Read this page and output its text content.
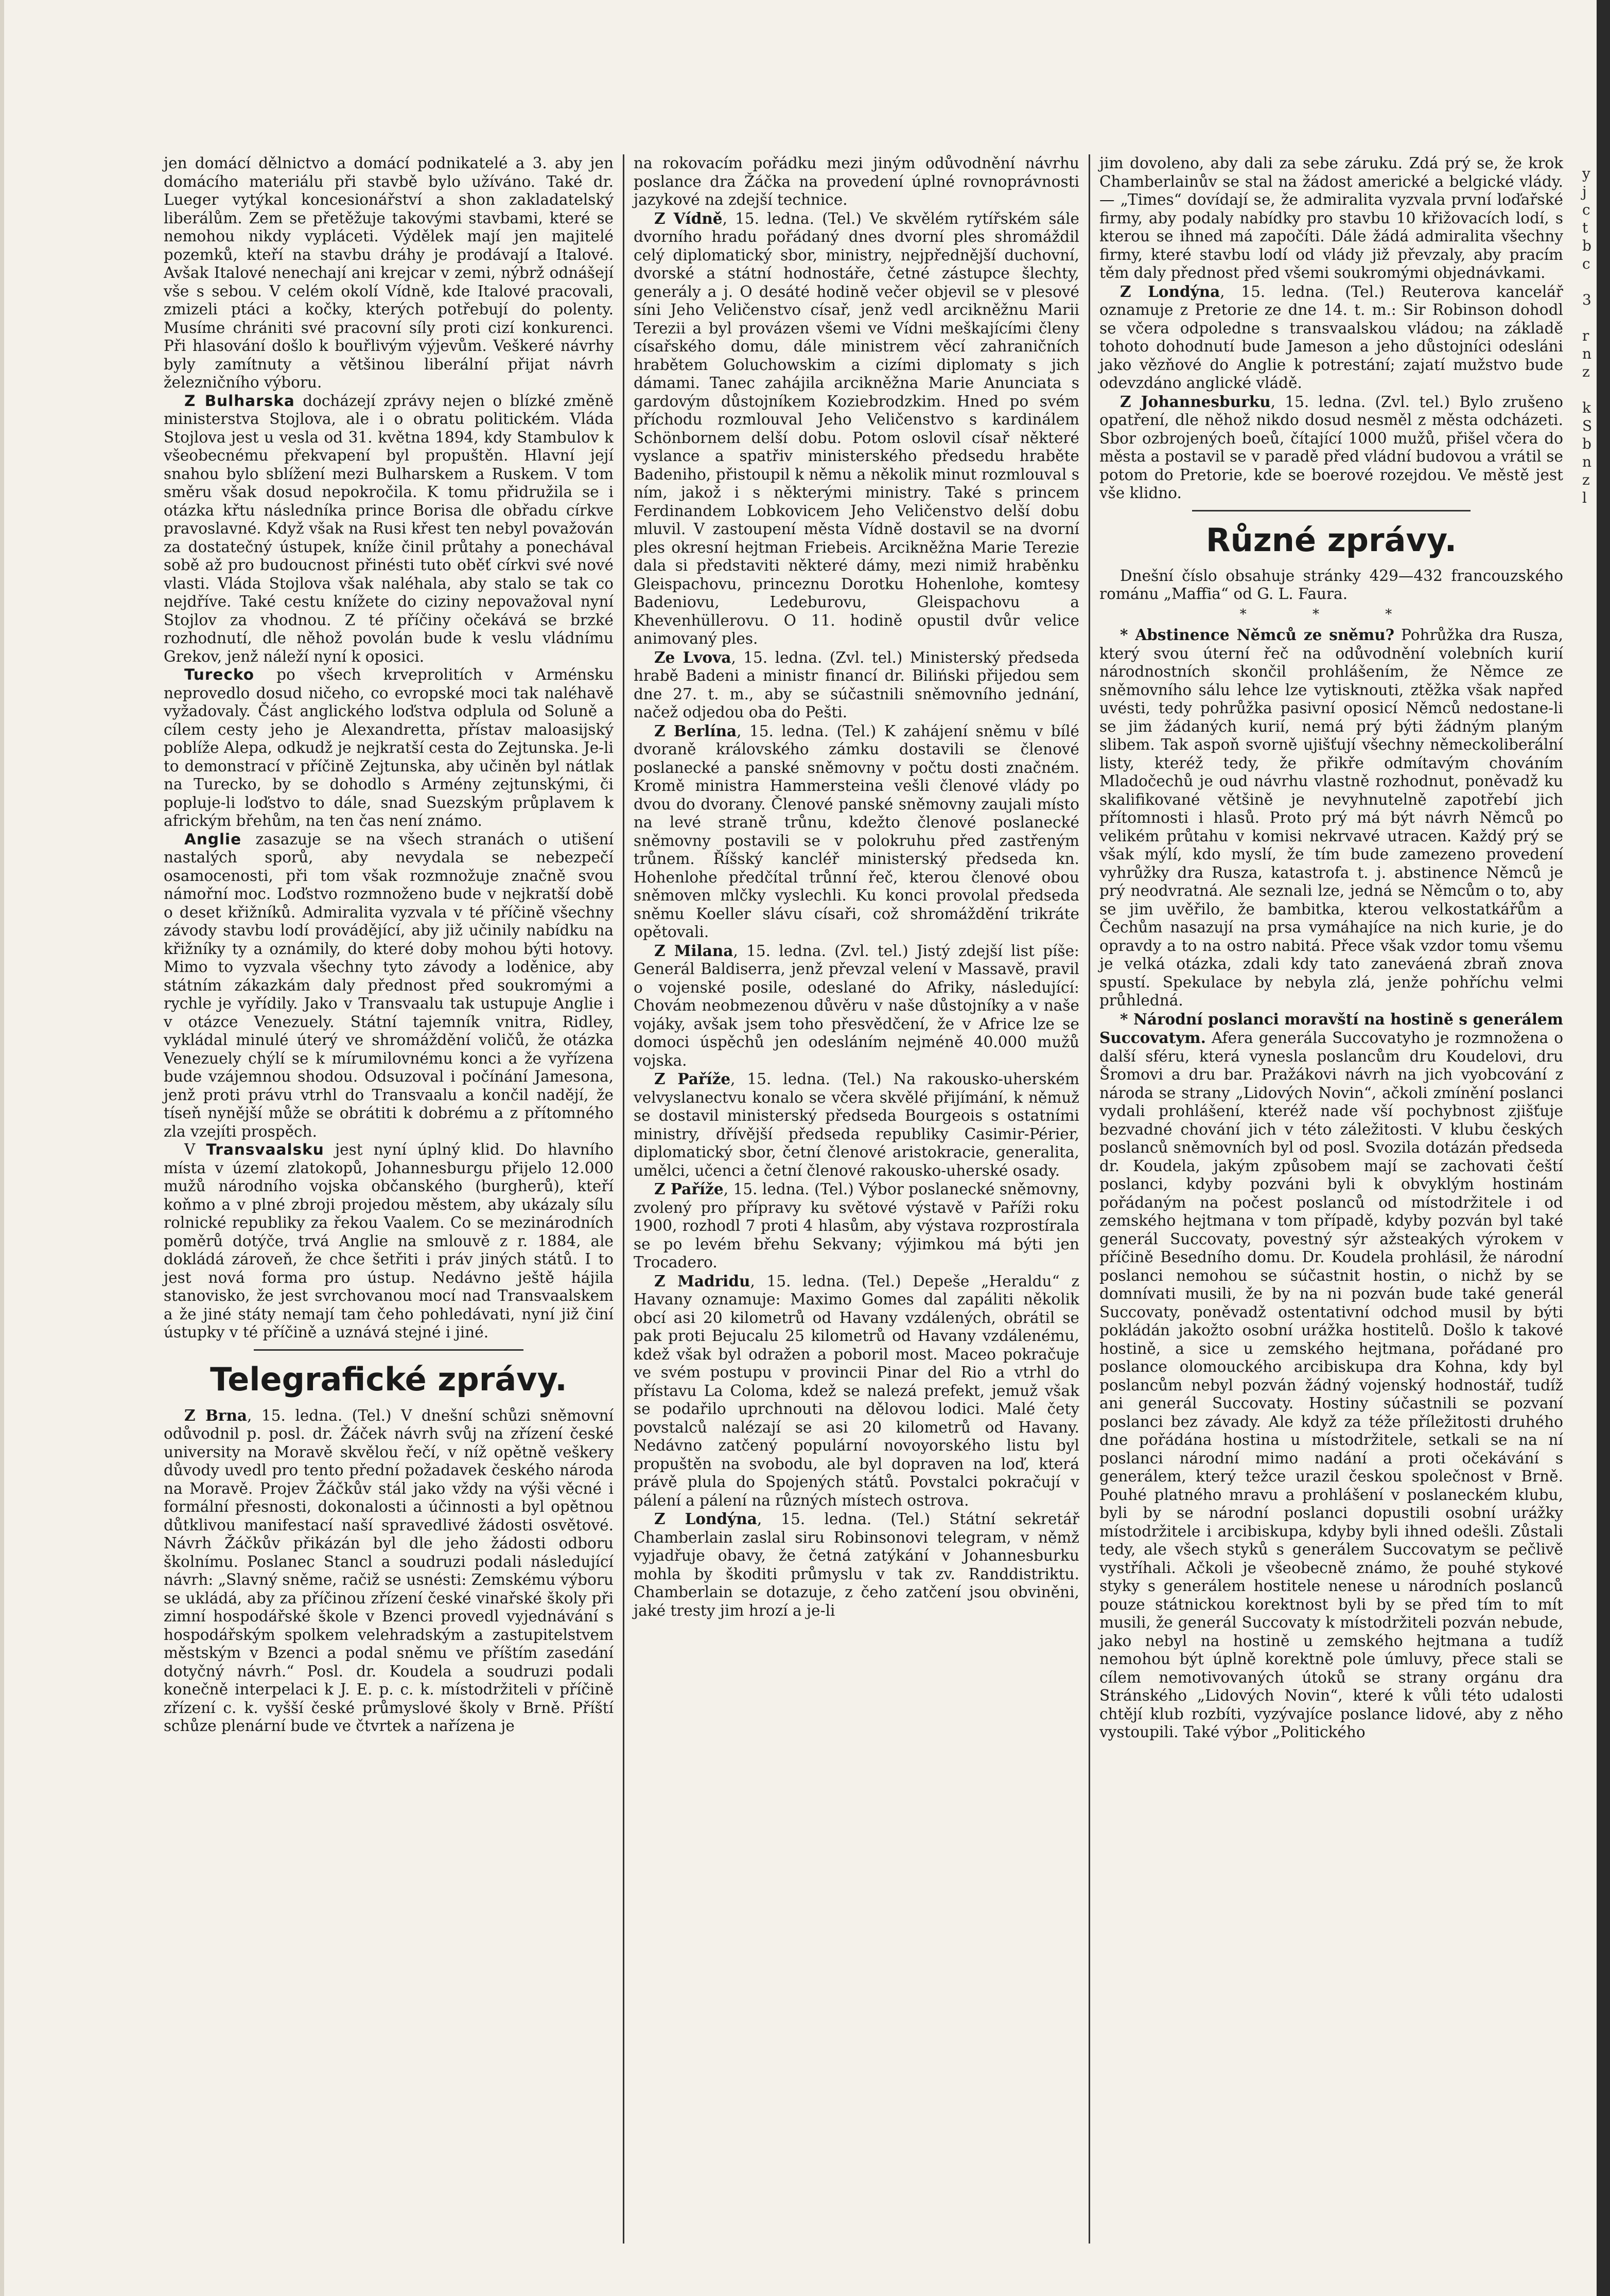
jen domácí dělnictvo a domácí podnikatelé a 3. aby jen domácího materiálu při stavbě bylo užíváno. Také dr. Lueger vytýkal koncesionářství a shon zakladatelský liberálům. Zem se přetěžuje takovými stavbami, které se nemohou nikdy vypláceti. Výdělek mají jen majitelé pozemků, kteří na stavbu dráhy je prodávají a Italové. Avšak Italové nenechají ani krejcar v zemi, nýbrž odnášejí vše s sebou. V celém okolí Vídně, kde Italové pracovali, zmizeli ptáci a kočky, kterých potřebují do polenty. Musíme chrániti své pracovní síly proti cizí konkurenci. Při hlasování došlo k bouřlivým výjevům. Veškeré návrhy byly zamítnuty a většinou liberální přijat návrh železničního výboru.

Z Bulharska docházejí zprávy nejen o blízké změně ministerstva Stojlova, ale i o obratu politickém. Vláda Stojlova jest u vesla od 31. května 1894, kdy Stambulov k všeobecnému překvapení byl propuštěn. Hlavní její snahou bylo sblížení mezi Bulharskem a Ruskem. V tom směru však dosud nepokročila. K tomu přidružila se i otázka křtu následníka prince Borisa dle obřadu církve pravoslavné. Když však na Rusi křest ten nebyl považován za dostatečný ústupek, kníže činil průtahy a ponechával sobě až pro budoucnost přinésti tuto oběť církvi své nové vlasti. Vláda Stojlova však naléhala, aby stalo se tak co nejdříve. Také cestu knížete do ciziny nepovažoval nyní Stojlov za vhodnou. Z té příčiny očekává se brzké rozhodnutí, dle něhož povolán bude k veslu vládnímu Grekov, jenž náleží nyní k oposici.

Turecko po všech krveprolitích v Arménsku neprovedlo dosud ničeho, co evropské moci tak naléhavě vyžadovaly. Část anglického loďstva odplula od Soluně a cílem cesty jeho je Alexandretta, přístav maloasijský poblíže Alepa, odkudž je nejkratší cesta do Zejtunska. Je-li to demonstrací v příčině Zejtunska, aby učiněn byl nátlak na Turecko, by se dohodlo s Armény zejtunskými, či popluje-li loďstvo to dále, snad Suezským průplavem k africkým břehům, na ten čas není známo.

Anglie zasazuje se na všech stranách o utišení nastalých sporů, aby nevydala se nebezpečí osamocenosti, při tom však rozmnožuje značně svou námořní moc. Loďstvo rozmnoženo bude v nejkratší době o deset křižníků. Admiralita vyzvala v té příčině všechny závody stavbu lodí provádějící, aby již učinily nabídku na křižníky ty a oznámily, do které doby mohou býti hotovy. Mimo to vyzvala všechny tyto závody a loděnice, aby státním zákazkám daly přednost před soukromými a rychle je vyřídily. Jako v Transvaalu tak ustupuje Anglie i v otázce Venezuely. Státní tajemník vnitra, Ridley, vykládal minulé úterý ve shromáždění voličů, že otázka Venezuely chýlí se k mírumilovnému konci a že vyřízena bude vzájemnou shodou. Odsuzoval i počínání Jamesona, jenž proti právu vtrhl do Transvaalu a končil nadějí, že tíseň nynější může se obrátiti k dobrému a z přítomného zla vzejíti prospěch.

V Transvaalsku jest nyní úplný klid. Do hlavního místa v území zlatokopů, Johannesburgu přijelo 12.000 mužů národního vojska občanského (burgherů), kteří koňmo a v plné zbroji projedou městem, aby ukázaly sílu rolnické republiky za řekou Vaalem. Co se mezinárodních poměrů dotýče, trvá Anglie na smlouvě z r. 1884, ale dokládá zároveň, že chce šetřiti i práv jiných států. I to jest nová forma pro ústup. Nedávno ještě hájila stanovisko, že jest svrchovanou mocí nad Transvaalskem a že jiné státy nemají tam čeho pohledávati, nyní již činí ústupky v té příčině a uznává stejné i jiné.

Telegrafické zprávy.

Z Brna, 15. ledna. (Tel.) V dnešní schůzi sněmovní odůvodnil p. posl. dr. Žáček návrh svůj na zřízení české university na Moravě skvělou řečí, v níž opětně veškery důvody uvedl pro tento přední požadavek českého národa na Moravě. Projev Žáčkův stál jako vždy na výši věcné i formální přesnosti, dokonalosti a účinnosti a byl opětnou důtklivou manifestací naší spravedlivé žádosti osvětové. Návrh Žáčkův přikázán byl dle jeho žádosti odboru školnímu. Poslanec Stancl a soudruzi podali následující návrh: „Slavný sněme, račiž se usnésti: Zemskému výboru se ukládá, aby za příčinou zřízení české vinařské školy při zimní hospodářské škole v Bzenci provedl vyjednávání s hospodářským spolkem velehradským a zastupitelstvem městským v Bzenci a podal sněmu ve příštím zasedání dotyčný návrh.“ Posl. dr. Koudela a soudruzi podali konečně interpelaci k J. E. p. c. k. místodržiteli v příčině zřízení c. k. vyšší české průmyslové školy v Brně. Příští schůze plenární bude ve čtvrtek a nařízena je

na rokovacím pořádku mezi jiným odůvodnění návrhu poslance dra Žáčka na provedení úplné rovnoprávnosti jazykové na zdejší technice.

Z Vídně, 15. ledna. (Tel.) Ve skvělém rytířském sále dvorního hradu pořádaný dnes dvorní ples shromáždil celý diplomatický sbor, ministry, nejpřednější duchovní, dvorské a státní hodnostáře, četné zástupce šlechty, generály a j. O desáté hodině večer objevil se v plesové síni Jeho Veličenstvo císař, jenž vedl arcikněžnu Marii Terezii a byl provázen všemi ve Vídni meškajícími členy císařského domu, dále ministrem věcí zahraničních hrabětem Goluchowskim a cizími diplomaty s jich dámami. Tanec zahájila arcikněžna Marie Anunciata s gardovým důstojníkem Koziebrodzkim. Hned po svém příchodu rozmlouval Jeho Veličenstvo s kardinálem Schönbornem delší dobu. Potom oslovil císař některé vyslance a spatřiv ministerského předsedu hraběte Badeniho, přistoupil k němu a několik minut rozmlouval s ním, jakož i s některými ministry. Také s princem Ferdinandem Lobkovicem Jeho Veličenstvo delší dobu mluvil. V zastoupení města Vídně dostavil se na dvorní ples okresní hejtman Friebeis. Arcikněžna Marie Terezie dala si představiti některé dámy, mezi nimiž hraběnku Gleispachovu, princeznu Dorotku Hohenlohe, komtesy Badeniovu, Ledeburovu, Gleispachovu a Khevenhüllerovu. O 11. hodině opustil dvůr velice animovaný ples.

Ze Lvova, 15. ledna. (Zvl. tel.) Ministerský předseda hrabě Badeni a ministr financí dr. Biliński přijedou sem dne 27. t. m., aby se súčastnili sněmovního jednání, načež odjedou oba do Pešti.

Z Berlína, 15. ledna. (Tel.) K zahájení sněmu v bílé dvoraně královského zámku dostavili se členové poslanecké a panské sněmovny v počtu dosti značném. Kromě ministra Hammersteina vešli členové vlády po dvou do dvorany. Členové panské sněmovny zaujali místo na levé straně trůnu, kdežto členové poslanecké sněmovny postavili se v polokruhu před zastřeným trůnem. Říšský kancléř ministerský předseda kn. Hohenlohe předčítal trůnní řeč, kterou členové obou sněmoven mlčky vyslechli. Ku konci provolal předseda sněmu Koeller slávu císaři, což shromáždění trikráte opětovali.

Z Milana, 15. ledna. (Zvl. tel.) Jistý zdejší list píše: Generál Baldiserra, jenž převzal velení v Massavě, pravil o vojenské posile, odeslané do Afriky, následující: Chovám neobmezenou důvěru v naše důstojníky a v naše vojáky, avšak jsem toho přesvědčení, že v Africe lze se domoci úspěchů jen odesláním nejméně 40.000 mužů vojska.

Z Paříže, 15. ledna. (Tel.) Na rakousko-uherském velvyslanectvu konalo se včera skvělé přijímání, k němuž se dostavil ministerský předseda Bourgeois s ostatními ministry, dřívější předseda republiky Casimir-Périer, diplomatický sbor, četní členové aristokracie, generalita, umělci, učenci a četní členové rakousko-uherské osady.

Z Paříže, 15. ledna. (Tel.) Výbor poslanecké sněmovny, zvolený pro přípravy ku světové výstavě v Paříži roku 1900, rozhodl 7 proti 4 hlasům, aby výstava rozprostírala se po levém břehu Sekvany; výjimkou má býti jen Trocadero.

Z Madridu, 15. ledna. (Tel.) Depeše „Heraldu“ z Havany oznamuje: Maximo Gomes dal zapáliti několik obcí asi 20 kilometrů od Havany vzdálených, obrátil se pak proti Bejucalu 25 kilometrů od Havany vzdálenému, kdež však byl odražen a poboril most. Maceo pokračuje ve svém postupu v provincii Pinar del Rio a vtrhl do přístavu La Coloma, kdež se nalezá prefekt, jemuž však se podařilo uprchnouti na dělovou lodici. Malé čety povstalců nalézají se asi 20 kilometrů od Havany. Nedávno zatčený populární novoyorského listu byl propuštěn na svobodu, ale byl dopraven na loď, která právě plula do Spojených států. Povstalci pokračují v pálení a pálení na různých místech ostrova.

Z Londýna, 15. ledna. (Tel.) Státní sekretář Chamberlain zaslal siru Robinsonovi telegram, v němž vyjadřuje obavy, že četná zatýkání v Johannesburku mohla by škoditi průmyslu v tak zv. Randdistriktu. Chamberlain se dotazuje, z čeho zatčení jsou obviněni, jaké tresty jim hrozí a je-li

jim dovoleno, aby dali za sebe záruku. Zdá prý se, že krok Chamberlainův se stal na žádost americké a belgické vlády. — „Times“ dovídají se, že admiralita vyzvala první loďařské firmy, aby podaly nabídky pro stavbu 10 křižovacích lodí, s kterou se ihned má započíti. Dále žádá admiralita všechny firmy, které stavbu lodí od vlády již převzaly, aby pracím těm daly přednost před všemi soukromými objednávkami.

Z Londýna, 15. ledna. (Tel.) Reuterova kancelář oznamuje z Pretorie ze dne 14. t. m.: Sir Robinson dohodl se včera odpoledne s transvaalskou vládou; na základě tohoto dohodnutí bude Jameson a jeho důstojníci odesláni jako vězňové do Anglie k potrestání; zajatí mužstvo bude odevzdáno anglické vládě.

Z Johannesburku, 15. ledna. (Zvl. tel.) Bylo zrušeno opatření, dle něhož nikdo dosud nesměl z města odcházeti. Sbor ozbrojených boeů, čítající 1000 mužů, přišel včera do města a postavil se v paradě před vládní budovou a vrátil se potom do Pretorie, kde se boerové rozejdou. Ve městě jest vše klidno.

Různé zprávy.

Dnešní číslo obsahuje stránky 429—432 francouzského románu „Maffia“ od G. L. Faura.

* * *

* Abstinence Němců ze sněmu? Pohrůžka dra Rusza, který svou úterní řeč na odůvodnění volebních kurií národnostních skončil prohlášením, že Němce ze sněmovního sálu lehce lze vytisknouti, ztěžka však napřed uvésti, tedy pohrůžka pasivní oposicí Němců nedostane-li se jim žádaných kurií, nemá prý býti žádným planým slibem. Tak aspoň svorně ujišťují všechny německoliberální listy, kteréž tedy, že přikře odmítavým chováním Mladočechů je oud návrhu vlastně rozhodnut, poněvadž ku skalifikované většině je nevyhnutelně zapotřebí jich přítomnosti i hlasů. Proto prý má být návrh Němců po velikém průtahu v komisi nekrvavé utracen. Každý prý se však mýlí, kdo myslí, že tím bude zamezeno provedení vyhrůžky dra Rusza, katastrofa t. j. abstinence Němců je prý neodvratná. Ale seznali lze, jedná se Němcům o to, aby se jim uvěřilo, že bambitka, kterou velkostatkářům a Čechům nasazují na prsa vymáhajíce na nich kurie, je do opravdy a to na ostro nabitá. Přece však vzdor tomu všemu je velká otázka, zdali kdy tato zaneváená zbraň znova spustí. Spekulace by nebyla zlá, jenže pohříchu velmi průhledná.

* Národní poslanci moravští na hostině s generálem Succovatym. Afera generála Succovatyho je rozmnožena o další sféru, která vynesla poslancům dru Koudelovi, dru Šromovi a dru bar. Pražákovi návrh na jich vyobcování z národa se strany „Lidových Novin“, ačkoli zmínění poslanci vydali prohlášení, kteréž nade vší pochybnost zjišťuje bezvadné chování jich v této záležitosti. V klubu českých poslanců sněmovních byl od posl. Svozila dotázán předseda dr. Koudela, jakým způsobem mají se zachovati čeští poslanci, kdyby pozváni byli k obvyklým hostinám pořádaným na počest poslanců od místodržitele i od zemského hejtmana v tom případě, kdyby pozván byl také generál Succovaty, povestný sýr ažsteakých výrokem v příčině Besedního domu. Dr. Koudela prohlásil, že národní poslanci nemohou se súčastnit hostin, o nichž by se domnívati musili, že by na ni pozván bude také generál Succovaty, poněvadž ostentativní odchod musil by býti pokládán jakožto osobní urážka hostitelů. Došlo k takové hostině, a sice u zemského hejtmana, pořádané pro poslance olomouckého arcibiskupa dra Kohna, kdy byl poslancům nebyl pozván žádný vojenský hodnostář, tudíž ani generál Succovaty. Hostiny súčastnili se pozvaní poslanci bez závady. Ale když za téže příležitosti druhého dne pořádána hostina u místodržitele, setkali se na ní poslanci národní mimo nadání a proti očekávání s generálem, který težce urazil českou společnost v Brně. Pouhé platného mravu a prohlášení v poslaneckém klubu, byli by se národní poslanci dopustili osobní urážky místodržitele i arcibiskupa, kdyby byli ihned odešli. Zůstali tedy, ale všech styků s generálem Succovatym se pečlivě vystříhali. Ačkoli je všeobecně známo, že pouhé stykové styky s generálem hostitele nenese u národních poslanců pouze státnickou korektnost byli by se před tím to mít musili, že generál Succovaty k místodržiteli pozván nebude, jako nebyl na hostině u zemského hejtmana a tudíž nemohou být úplně korektně pole úmluvy, přece stali se cílem nemotivovaných útoků se strany orgánu dra Stránského „Lidových Novin“, které k vůli této udalosti chtějí klub rozbíti, vyzývajíce poslance lidové, aby z něho vystoupili. Také výbor „Politického

y
j
c
t
b
c

3

r
n
z

k
S
b
n
z
l
